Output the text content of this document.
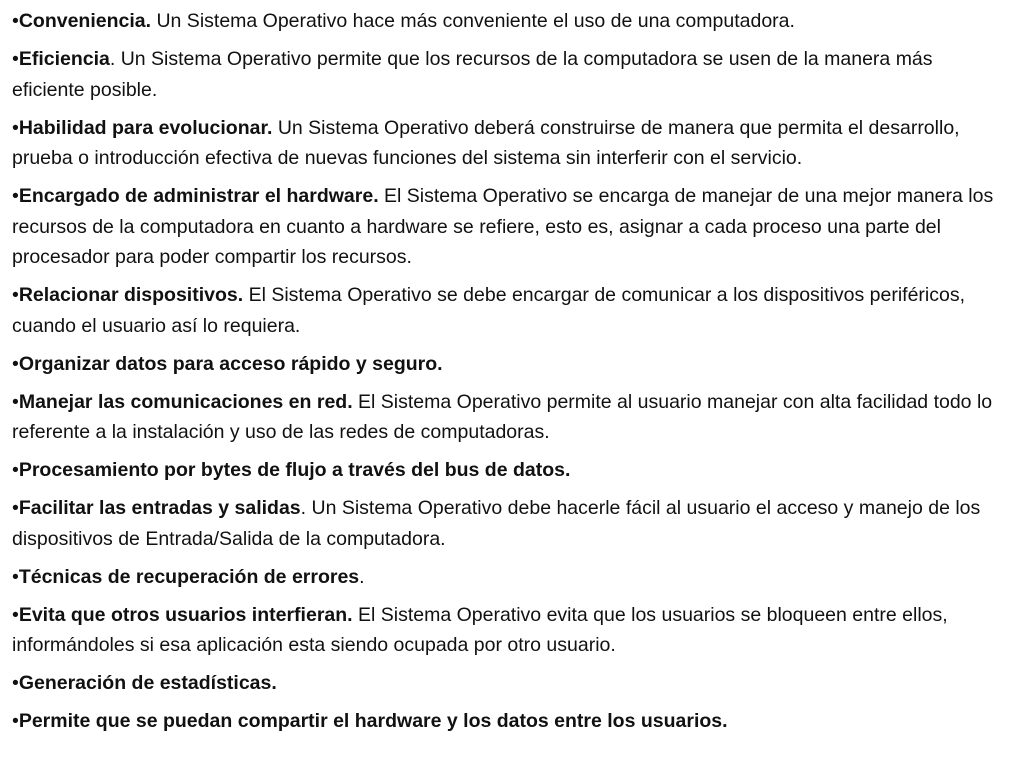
•Conveniencia. Un Sistema Operativo hace más conveniente el uso de una computadora.
•Eficiencia. Un Sistema Operativo permite que los recursos de la computadora se usen de la manera más eficiente posible.
•Habilidad para evolucionar. Un Sistema Operativo deberá construirse de manera que permita el desarrollo, prueba o introducción efectiva de nuevas funciones del sistema sin interferir con el servicio.
•Encargado de administrar el hardware. El Sistema Operativo se encarga de manejar de una mejor manera los recursos de la computadora en cuanto a hardware se refiere, esto es, asignar a cada proceso una parte del procesador para poder compartir los recursos.
•Relacionar dispositivos. El Sistema Operativo se debe encargar de comunicar a los dispositivos periféricos, cuando el usuario así lo requiera.
•Organizar datos para acceso rápido y seguro.
•Manejar las comunicaciones en red. El Sistema Operativo permite al usuario manejar con alta facilidad todo lo referente a la instalación y uso de las redes de computadoras.
•Procesamiento por bytes de flujo a través del bus de datos.
•Facilitar las entradas y salidas. Un Sistema Operativo debe hacerle fácil al usuario el acceso y manejo de los dispositivos de Entrada/Salida de la computadora.
•Técnicas de recuperación de errores.
•Evita que otros usuarios interfieran. El Sistema Operativo evita que los usuarios se bloqueen entre ellos, informándoles si esa aplicación esta siendo ocupada por otro usuario.
•Generación de estadísticas.
•Permite que se puedan compartir el hardware y los datos entre los usuarios.
